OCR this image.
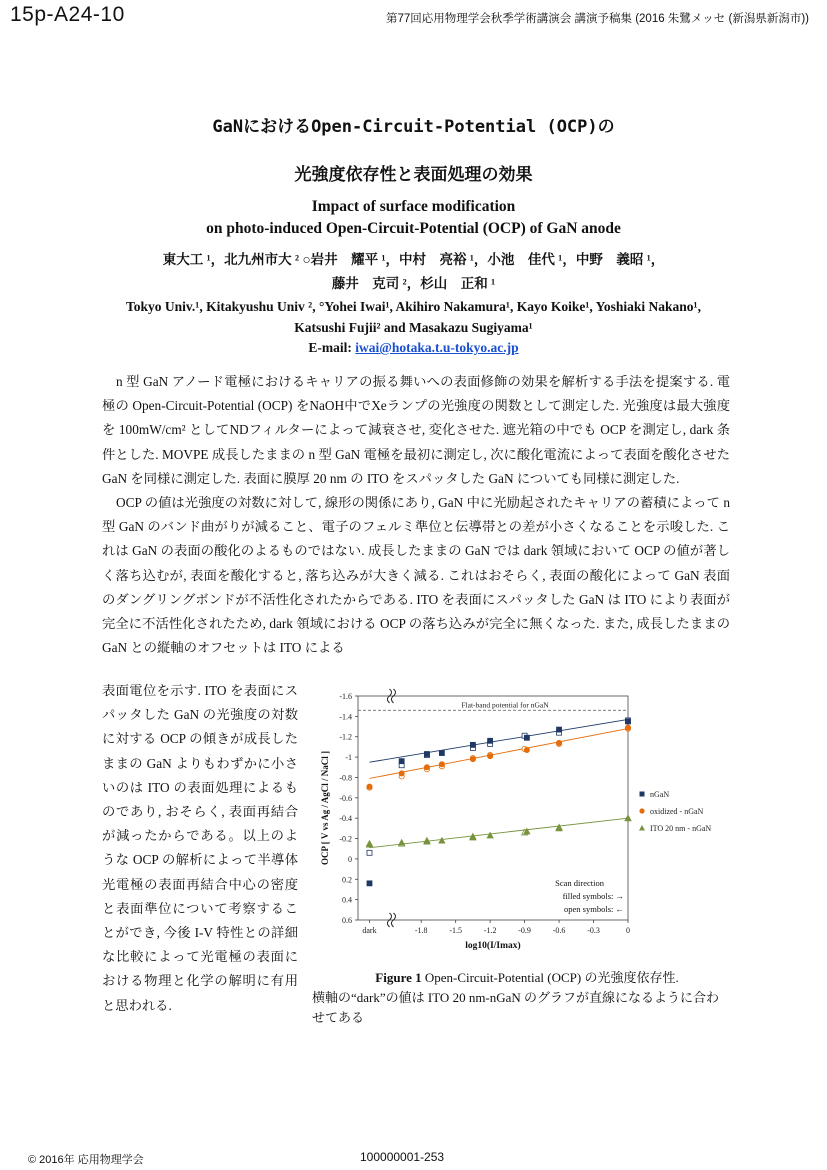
15p-A24-10	第77回応用物理学会秋季学術講演会 講演予稿集 (2016 朱鷺メッセ (新潟県新潟市))
GaNにおけるOpen-Circuit-Potential (OCP)の
光強度依存性と表面処理の効果
Impact of surface modification
on photo-induced Open-Circuit-Potential (OCP) of GaN anode
東大工 ¹，北九州市大 ² ○岩井　耀平 ¹，中村　亮裕 ¹，小池　佳代 ¹，中野　義昭 ¹，
藤井　克司 ²，杉山　正和 ¹
Tokyo Univ.¹, Kitakyushu Univ ², °Yohei Iwai¹, Akihiro Nakamura¹, Kayo Koike¹, Yoshiaki Nakano¹,
Katsushi Fujii² and Masakazu Sugiyama¹
E-mail: iwai@hotaka.t.u-tokyo.ac.jp

n 型 GaN アノード電極におけるキャリアの振る舞いへの表面修飾の効果を解析する手法を提案する. 電極の Open-Circuit-Potential (OCP) をNaOH中でXeランプの光強度の関数として測定した. 光強度は最大強度を 100mW/cm² としてNDフィルターによって減衰させ, 変化させた. 遮光箱の中でも OCP を測定し, dark 条件とした. MOVPE 成長したままの n 型 GaN 電極を最初に測定し, 次に酸化電流によって表面を酸化させた GaN を同様に測定した. 表面に膜厚 20 nm の ITO をスパッタした GaN についても同様に測定した.

OCP の値は光強度の対数に対して, 線形の関係にあり, GaN 中に光励起されたキャリアの蓄積によって n 型 GaN のバンド曲がりが減ること、電子のフェルミ準位と伝導帯との差が小さくなることを示唆した. これは GaN の表面の酸化のよるものではない. 成長したままの GaN では dark 領域において OCP の値が著しく落ち込むが, 表面を酸化すると, 落ち込みが大きく減る. これはおそらく, 表面の酸化によって GaN 表面のダングリングボンドが不活性化されたからである. ITO を表面にスパッタした GaN は ITO により表面が完全に不活性化されたため, dark 領域における OCP の落ち込みが完全に無くなった. また, 成長したままの GaN との縦軸のオフセットは ITO による

表面電位を示す. ITO を表面にスパッタした GaN の光強度の対数に対する OCP の傾きが成長したままの GaN よりもわずかに小さいのは ITO の表面処理によるものであり, おそらく, 表面再結合が減ったからである。以上のような OCP の解析によって半導体光電極の表面再結合中心の密度と表面準位について考察することができ, 今後 I-V 特性との詳細な比較によって光電極の表面における物理と化学の解明に有用と思われる.
-1.6
-1.4
-1.2
-1
-0.8
-0.6
-0.4
-0.2
0
0.2
0.4
0.6
dark	-1.8	-1.5	-1.2	-0.9	-0.6	-0.3	0
log10(I/Imax)
OCP [ V vs Ag / AgCl / NaCl ]
Flat-band potential for nGaN
nGaN
oxidized - nGaN
ITO 20 nm - nGaN
Scan direction
filled symbols: →
open symbols: ←
Figure 1 Open-Circuit-Potential (OCP) の光強度依存性.
横軸の“dark”の値は ITO 20 nm-nGaN のグラフが直線になるように合わせてある
© 2016年 応用物理学会	100000001-253
